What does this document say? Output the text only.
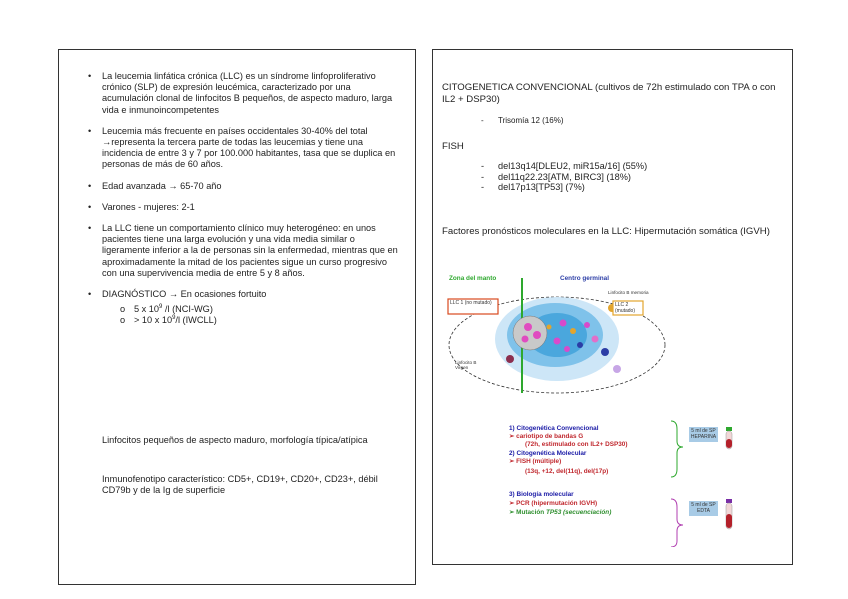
• La leucemia linfática crónica (LLC) es un síndrome linfoproliferativo crónico (SLP) de expresión leucémica, caracterizado por una acumulación clonal de linfocitos B pequeños, de aspecto maduro, larga vida e inmunoincompetentes
• Leucemia más frecuente en países occidentales 30-40% del total →representa la tercera parte de todas las leucemias y tiene una incidencia de entre 3 y 7 por 100.000 habitantes, tasa que se duplica en personas de más de 60 años.
• Edad avanzada → 65-70 año
• Varones - mujeres: 2-1
• La LLC tiene un comportamiento clínico muy heterogéneo: en unos pacientes tiene una larga evolución y una vida media similar o ligeramente inferior a la de personas sin la enfermedad, mientras que en aproximadamente la mitad de los pacientes sigue un curso progresivo con una supervivencia media de entre 5 y 8 años.
• DIAGNÓSTICO → En ocasiones fortuito
o 5 x $10^9$ /l (NCI-WG)
o > 10 x $10^9/l$ (IWCLL)
Linfocitos pequeños de aspecto maduro, morfología típica/atípica
Inmunofenotipo característico: CD5+, CD19+, CD20+, CD23+, débil CD79b y de la Ig de superficie
CITOGENETICA CONVENCIONAL (cultivos de 72h estimulado con TPA o con IL2 + DSP30)
- Trisomía 12 (16%)
FISH
- del13q14[DLEU2, miR15a/16] (55%)
- del11q22.23[ATM, BIRC3] (18%)
- del17p13[TP53] (7%)
Factores pronósticos moleculares en la LLC: Hipermutación somática (IGVH)
Zona del manto	Centro germinal
LLC 1 (no mutado)	LLC 2 (mutado)
Linfocito B memoria
Linfocito B Virgen
1) Citogenética Convencional
➢ cariotipo de bandas G
(72h, estimulado con IL2+ DSP30)
2) Citogenética Molecular
➢ FISH (múltiple)
(13q, +12, del(11q), del(17p)
3) Biología molecular
➢ PCR (hipermutación IGVH)
➢ Mutación TP53 (secuenciación)
5 ml de SP HEPARINA
5 ml de SP EDTA
